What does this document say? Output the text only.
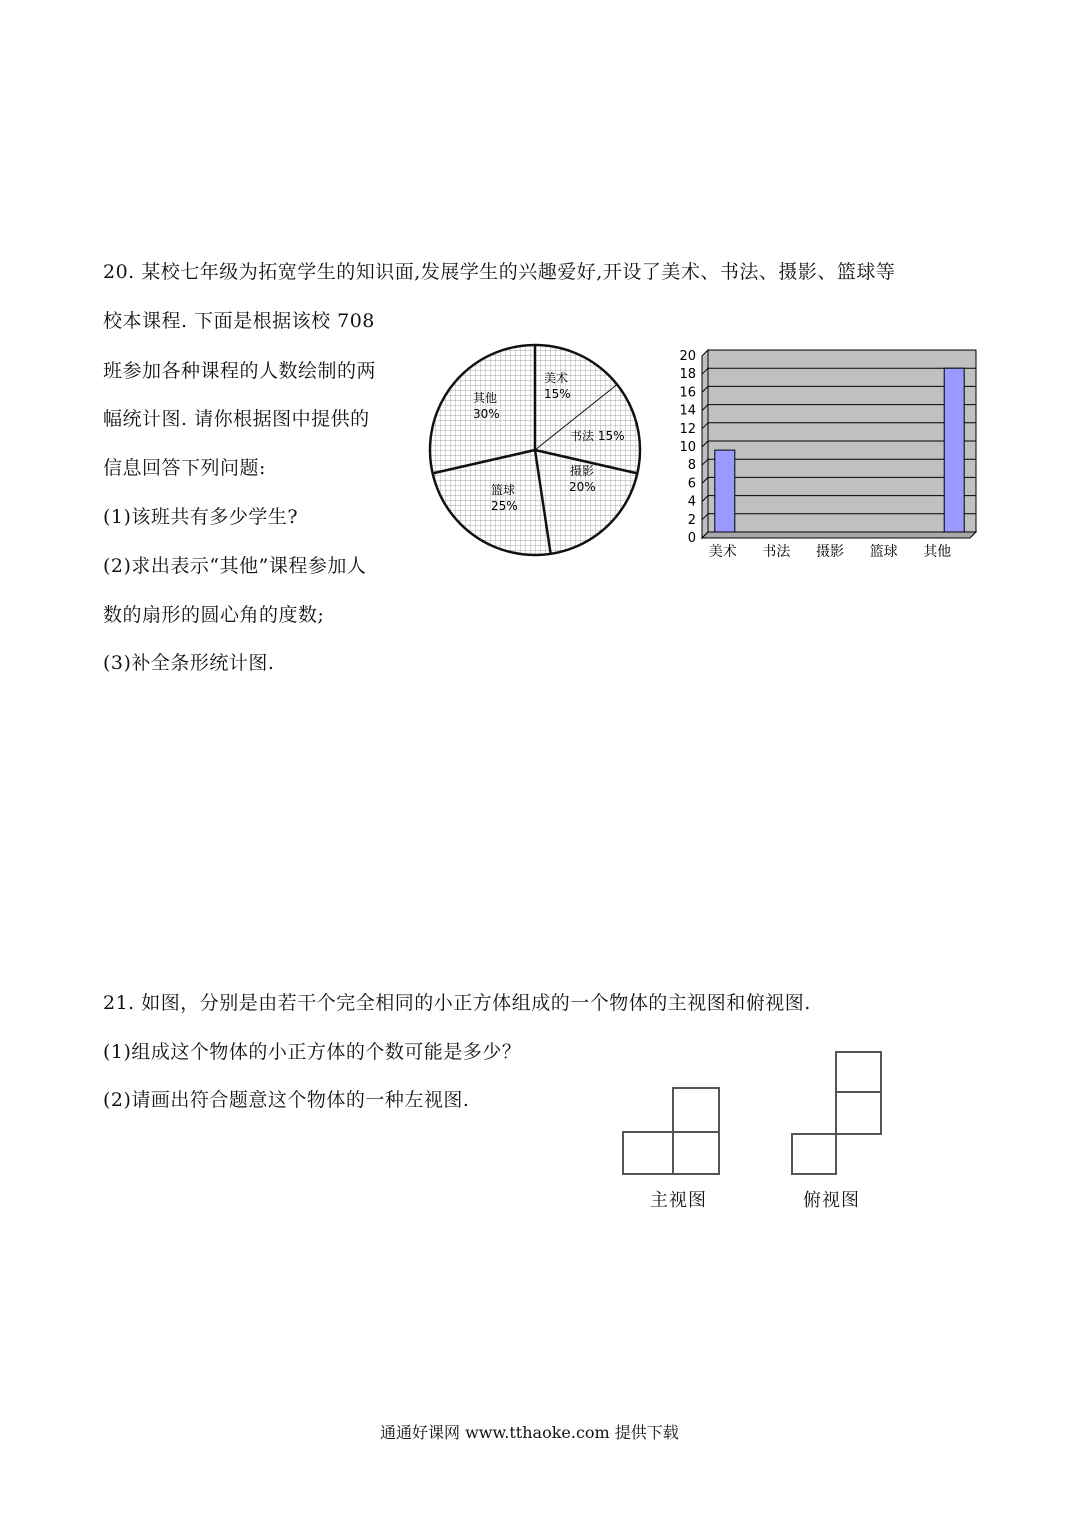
20. 某校七年级为拓宽学生的知识面,发展学生的兴趣爱好,开设了美术、书法、摄影、篮球等
校本课程. 下面是根据该校 708
班参加各种课程的人数绘制的两
幅统计图. 请你根据图中提供的
信息回答下列问题:
(1)该班共有多少学生?
(2)求出表示“其他”课程参加人
数的扇形的圆心角的度数;
(3)补全条形统计图.
美术
15%
书法 15%
摄影
20%
篮球
25%
其他
30%
0
2
4
6
8
10
12
14
16
18
20
美术 书法 摄影 篮球 其他
21. 如图，分别是由若干个完全相同的小正方体组成的一个物体的主视图和俯视图.
(1)组成这个物体的小正方体的个数可能是多少？
(2)请画出符合题意这个物体的一种左视图.
主视图	俯视图
通通好课网 www.tthaoke.com 提供下载
